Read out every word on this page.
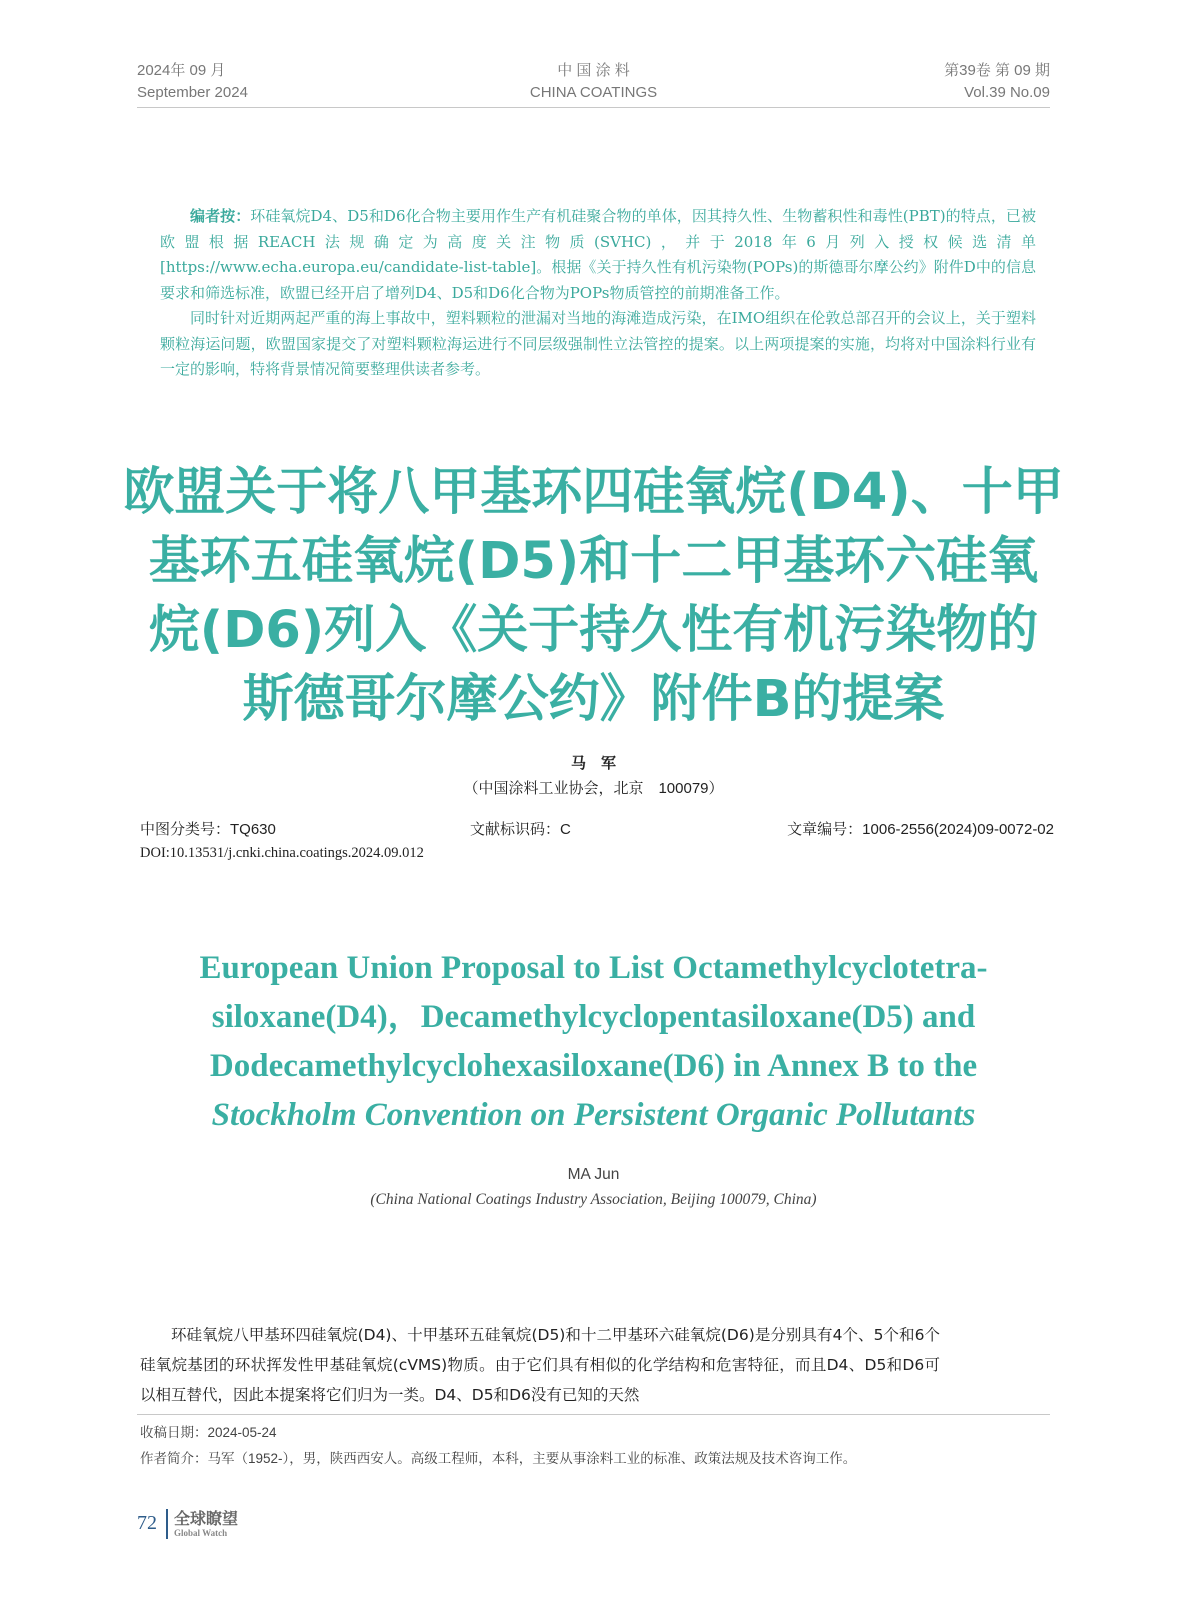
2024年 09 月
September 2024
中 国 涂 料
CHINA COATINGS
第39卷 第 09 期
Vol.39 No.09

编者按：环硅氧烷D4、D5和D6化合物主要用作生产有机硅聚合物的单体，因其持久性、生物蓄积性和毒性(PBT)的特点，已被欧盟根据REACH法规确定为高度关注物质(SVHC)，并于2018年6月列入授权候选清单[https://www.echa.europa.eu/candidate-list-table]。根据《关于持久性有机污染物(POPs)的斯德哥尔摩公约》附件D中的信息要求和筛选标准，欧盟已经开启了增列D4、D5和D6化合物为POPs物质管控的前期准备工作。

同时针对近期两起严重的海上事故中，塑料颗粒的泄漏对当地的海滩造成污染，在IMO组织在伦敦总部召开的会议上，关于塑料颗粒海运问题，欧盟国家提交了对塑料颗粒海运进行不同层级强制性立法管控的提案。以上两项提案的实施，均将对中国涂料行业有一定的影响，特将背景情况简要整理供读者参考。

欧盟关于将八甲基环四硅氧烷(D4)、十甲
基环五硅氧烷(D5)和十二甲基环六硅氧
烷(D6)列入《关于持久性有机污染物的
斯德哥尔摩公约》附件B的提案
马　军
（中国涂料工业协会，北京　100079）
中图分类号：TQ630	文献标识码：C	文章编号：1006-2556(2024)09-0072-02
DOI:10.13531/j.cnki.china.coatings.2024.09.012
European Union Proposal to List Octamethylcyclotetra-
siloxane(D4)，Decamethylcyclopentasiloxane(D5) and
Dodecamethylcyclohexasiloxane(D6) in Annex B to the
Stockholm Convention on Persistent Organic Pollutants
MA Jun
(China National Coatings Industry Association, Beijing 100079, China)

环硅氧烷八甲基环四硅氧烷(D4)、十甲基环五硅氧烷(D5)和十二甲基环六硅氧烷(D6)是分别具有4个、5个和6个硅氧烷基团的环状挥发性甲基硅氧烷(cVMS)物质。由于它们具有相似的化学结构和危害特征，而且D4、D5和D6可以相互替代，因此本提案将它们归为一类。D4、D5和D6没有已知的天然

收稿日期：2024-05-24
作者简介：马军（1952-），男，陕西西安人。高级工程师，本科，主要从事涂料工业的标准、政策法规及技术咨询工作。
72 全球瞭望
Global Watch
